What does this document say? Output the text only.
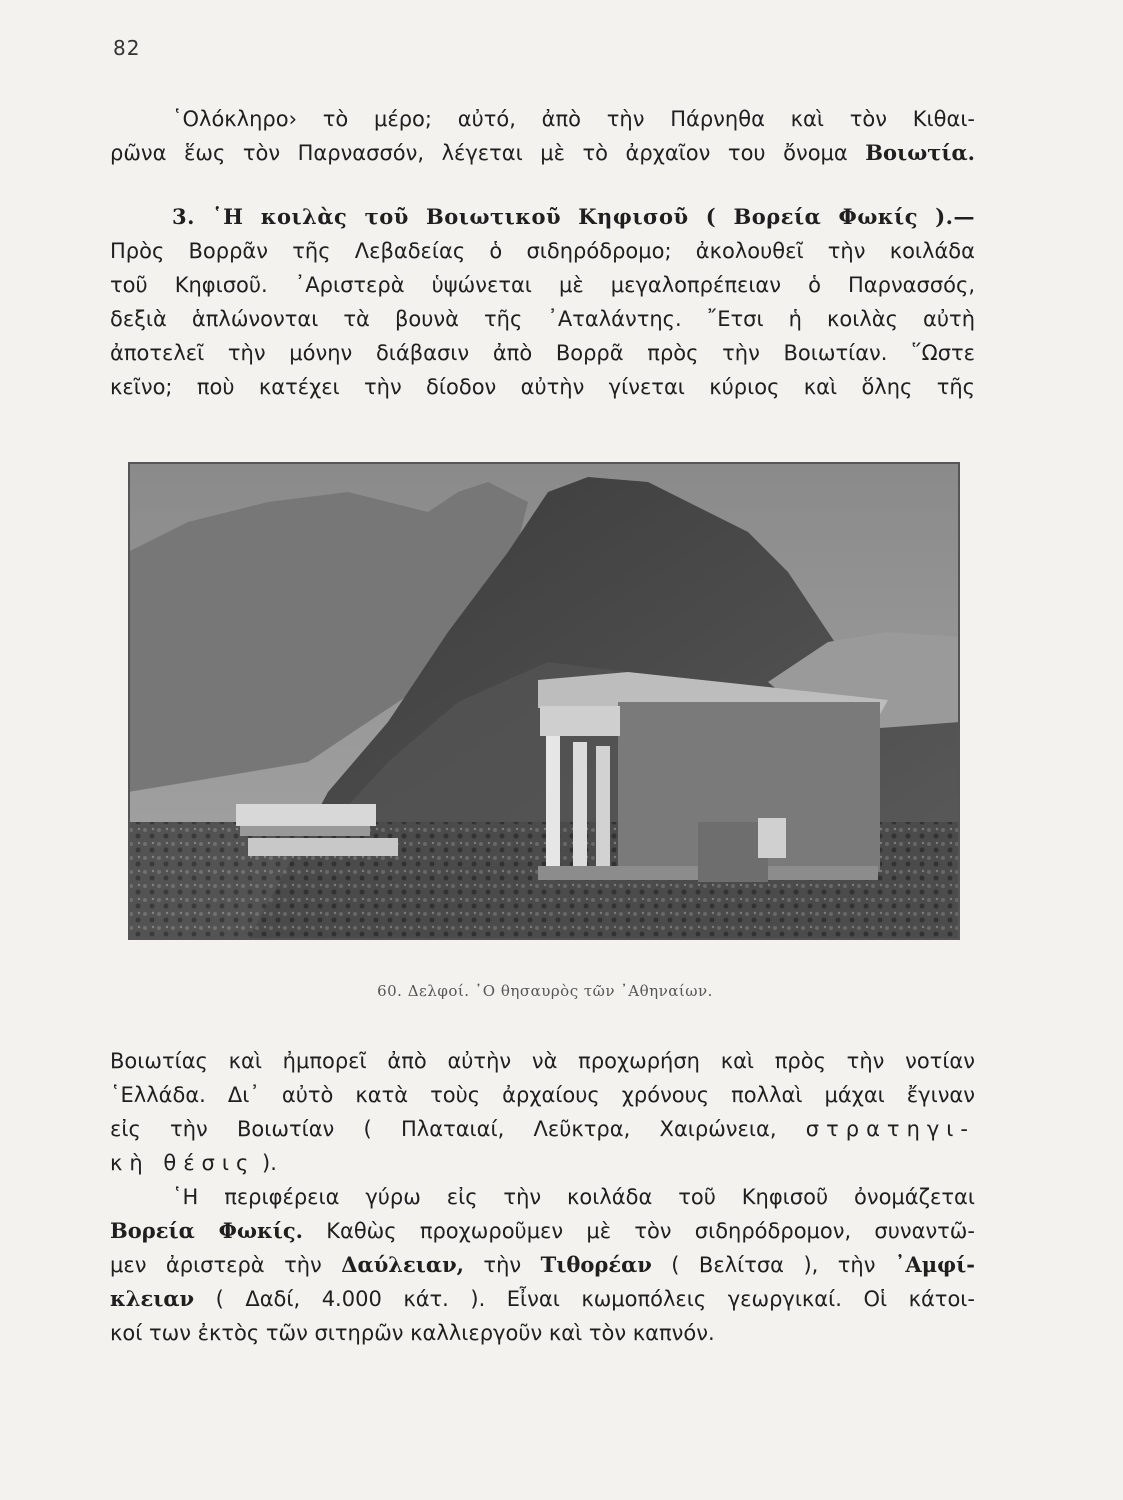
82
῾Ολόκληρο› τὸ μέρο; αὐτό, ἀπὸ τὴν Πάρνηθα καὶ τὸν Κιθαι-
ρῶνα ἕως τὸν Παρνασσόν, λέγεται μὲ τὸ ἀρχαῖον του ὄνομα Βοιωτία.
3. ῾Η κοιλὰς τοῦ Βοιωτικοῦ Κηφισοῦ ( Βορεία Φωκίς ).—
Πρὸς Βορρᾶν τῆς Λεβαδείας ὁ σιδηρόδρομο; ἀκολουθεῖ τὴν κοιλάδα
τοῦ Κηφισοῦ. ᾿Αριστερὰ ὑψώνεται μὲ μεγαλοπρέπειαν ὁ Παρνασσός,
δεξιὰ ἁπλώνονται τὰ βουνὰ τῆς ᾿Αταλάντης. ῎Ετσι ἡ κοιλὰς αὐτὴ
ἀποτελεῖ τὴν μόνην διάβασιν ἀπὸ Βορρᾶ πρὸς τὴν Βοιωτίαν. ῞Ωστε
κεῖνο; ποὺ κατέχει τὴν δίοδον αὐτὴν γίνεται κύριος καὶ ὅλης τῆς
60. Δελφοί. ῾Ο θησαυρὸς τῶν ᾿Αθηναίων.
Βοιωτίας καὶ ἠμπορεῖ ἀπὸ αὐτὴν νὰ προχωρήση καὶ πρὸς τὴν νοτίαν
῾Ελλάδα. Δι᾿ αὐτὸ κατὰ τοὺς ἀρχαίους χρόνους πολλαὶ μάχαι ἔγιναν
εἰς τὴν Βοιωτίαν ( Πλαταιαί, Λεῦκτρα, Χαιρώνεια, στρατηγι-
κὴ θέσις ).
῾Η περιφέρεια γύρω εἰς τὴν κοιλάδα τοῦ Κηφισοῦ ὀνομάζεται
Βορεία Φωκίς. Καθὼς προχωροῦμεν μὲ τὸν σιδηρόδρομον, συναντῶ-
μεν ἀριστερὰ τὴν Δαύλειαν, τὴν Τιθορέαν ( Βελίτσα ), τὴν ᾿Αμφί-
κλειαν ( Δαδί, 4.000 κάτ. ). Εἶναι κωμοπόλεις γεωργικαί. Οἱ κάτοι-
κοί των ἐκτὸς τῶν σιτηρῶν καλλιεργοῦν καὶ τὸν καπνόν.
